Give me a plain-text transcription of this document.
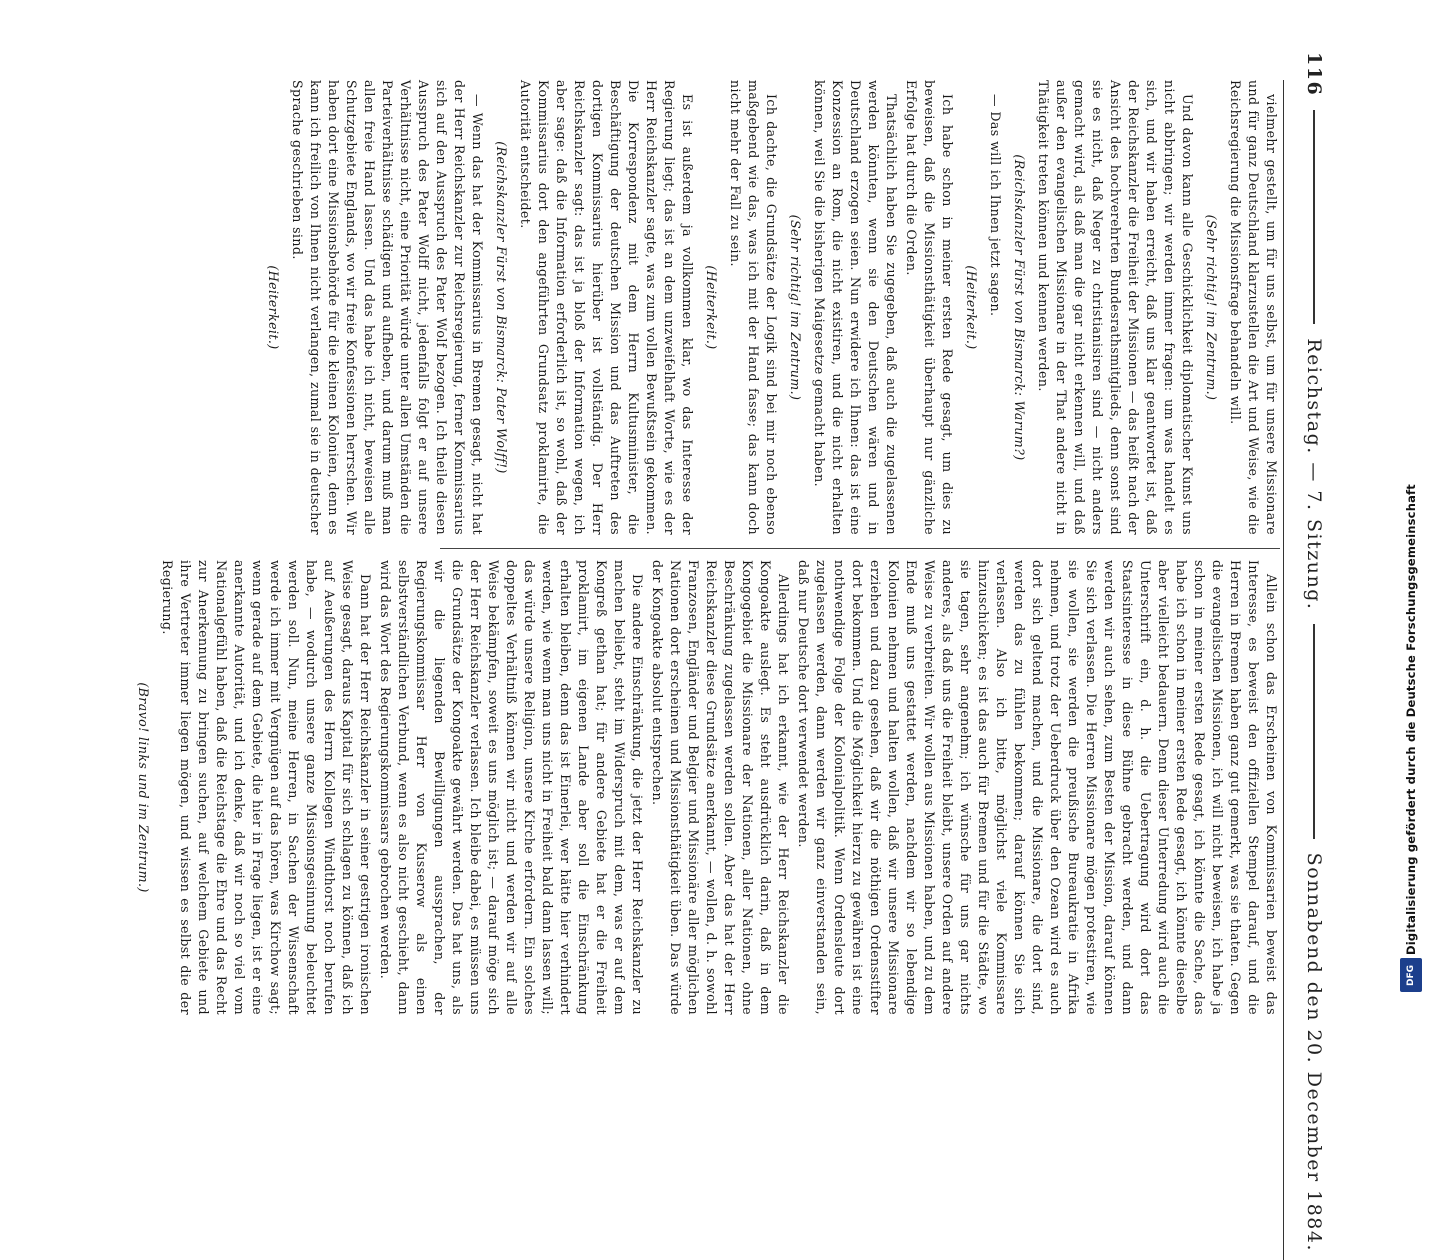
116
Reichstag. — 7. Sitzung.
Sonnabend den 20. December 1884.

vielmehr gestellt, um für uns selbst, um für unsere Missionare und für ganz Deutschland klarzustellen die Art und Weise, wie die Reichsregierung die Missionsfrage behandeln will.

(Sehr richtig! im Zentrum.)

Und davon kann alle Geschicklichkeit diplomatischer Kunst uns nicht abbringen; wir werden immer fragen: um was handelt es sich, und wir haben erreicht, daß uns klar geantwortet ist, daß der Reichskanzler die Freiheit der Missionen — das heißt nach der Ansicht des hochverehrten Bundesrathsmitglieds, denn sonst sind sie es nicht, daß Neger zu christianisiren sind — nicht anders gemacht wird, als daß man die gar nicht erkennen will, und daß außer den evangelischen Missionare in der That andere nicht in Thätigkeit treten können und kennen werden.

(Reichskanzler Fürst von Bismarck: Warum?)

— Das will ich Ihnen jetzt sagen.

(Heiterkeit.)

Ich habe schon in meiner ersten Rede gesagt, um dies zu beweisen, daß die Missionsthätigkeit überhaupt nur gänzliche Erfolge hat durch die Orden.

Thatsächlich haben Sie zugegeben, daß auch die zugelassenen werden könnten, wenn sie den Deutschen wären und in Deutschland erzogen seien. Nun erwidere ich Ihnen: das ist eine Konzession an Rom, die nicht existiren, und die nicht erhalten können, weil Sie die bisherigen Maigesetze gemacht haben.

(Sehr richtig! im Zentrum.)

Ich dachte, die Grundsätze der Logik sind bei mir noch ebenso maßgebend wie das, was ich mit der Hand fasse; das kann doch nicht mehr der Fall zu sein.

(Heiterkeit.)

Es ist außerdem ja vollkommen klar, wo das Interesse der Regierung liegt; das ist an dem unzweifelhaft Worte, wie es der Herr Reichskanzler sagte, was zum vollen Bewußtsein gekommen. Die Korrespondenz mit dem Herrn Kultusminister, die Beschäftigung der deutschen Mission und das Auftreten des dortigen Kommissarius hierüber ist vollständig. Der Herr Reichskanzler sagt: das ist ja bloß der Information wegen, ich aber sage: daß die Information erforderlich ist, so wohl, daß der Kommissarius dort den angeführten Grundsatz proklamirte, die Autorität entscheidet.

(Reichskanzler Fürst von Bismarck: Pater Wolff!)

— Wenn das hat der Kommissarius in Bremen gesagt, nicht hat der Herr Reichskanzler zur Reichsregierung, ferner Kommissarius sich auf den Ausspruch des Pater Wolf bezogen. Ich theile diesen Ausspruch des Pater Wolff nicht, jedenfalls folgt er auf unsere Verhältnisse nicht, eine Priorität würde unter allen Umständen die Parteiverhältnisse schädigen und aufheben, und darum muß man allen freie Hand lassen. Und das habe ich nicht, beweisen alle Schutzgebiete Englands, wo wir freie Konfessionen herrschen. Wir haben dort eine Missionsbehörde für die kleinen Kolonien, denn es kann ich freilich von Ihnen nicht verlangen, zumal sie in deutscher Sprache geschrieben sind.

(Heiterkeit.)

Allein schon das Erscheinen von Kommissarien beweist das Interesse, es beweist den offiziellen Stempel darauf, und die Herren in Bremen haben ganz gut gemerkt, was sie thaten. Gegen die evangelischen Missionen, ich will nicht beweisen, ich habe ja schon in meiner ersten Rede gesagt, ich könnte die Sache, das habe ich schon in meiner ersten Rede gesagt, ich könnte dieselbe aber vielleicht bedauern. Denn dieser Unterredung wird auch die Unterschrift ein, d. h. die Uebertragung wird dort das Staatsinteresse in diese Bühne gebracht werden, und dann werden wir auch sehen, zum Besten der Mission, darauf können Sie sich verlassen. Die Herren Missionare mögen protestiren, wie sie wollen, sie werden die preußische Bureaukratie in Afrika nehmen, und trotz der Ueberdruck über den Ozean wird es auch dort sich geltend machen, und die Missionare, die dort sind, werden das zu fühlen bekommen; darauf können Sie sich verlassen. Also ich bitte, möglichst viele Kommissare hinzuschicken; es ist das auch für Bremen und für die Städte, wo sie tagen, sehr angenehm; ich wünsche für uns gar nichts anderes, als daß uns die Freiheit bleibt, unsere Orden auf andere Weise zu verbreiten. Wir wollen aus Missionen haben, und zu dem Ende muß uns gestattet werden, nachdem wir so lebendige Kolonien nehmen und halten wollen, daß wir unsere Missionare erziehen und dazu gesehen, daß wir die nöthigen Ordensstifter dort bekommen. Und die Möglichkeit hierzu zu gewähren ist eine nothwendige Folge der Kolonialpolitik. Wenn Ordensleute dort zugelassen werden, dann werden wir ganz einverstanden sein, daß nur Deutsche dort verwendet werden.

Allerdings hat ich erkannt, wie der Herr Reichskanzler die Kongoakte auslegt. Es steht ausdrücklich darin, daß in dem Kongogebiet die Missionare der Nationen, aller Nationen, ohne Beschränkung zugelassen werden sollen. Aber das hat der Herr Reichskanzler diese Grundsätze anerkannt, — wollen, d. h. sowohl Franzosen, Engländer und Belgier und Missionäre aller möglichen Nationen dort erscheinen und Missionsthätigkeit üben. Das würde der Kongoakte absolut entsprechen.

Die andere Einschränkung, die jetzt der Herr Reichskanzler zu machen beliebt, steht im Widerspruch mit dem, was er auf dem Kongreß gethan hat; für andere Gebiete hat er die Freiheit proklamirt, im eigenen Lande aber soll die Einschränkung erhalten bleiben, denn das ist Einerlei, wer hätte hier verhindert werden, wie wenn man uns nicht in Freiheit bald dann lassen will; das würde unsere Religion, unsere Kirche erfordern. Ein solches doppeltes Verhältniß können wir nicht und werden wir auf alle Weise bekämpfen, soweit es uns möglich ist; — darauf möge sich der Herr Reichskanzler verlassen. Ich bleibe dabei, es müssen uns die Grundsätze der Kongoakte gewährt werden. Das hat uns, als wir die liegenden Bewilligungen aussprachen, der Regierungskommissar Herr von Kusserow als einen selbstverständlichen Verbund, wenn es also nicht geschieht, dann wird das Wort des Regierungskommissars gebrochen werden.

Dann hat der Herr Reichskanzler in seiner gestrigen ironischen Weise gesagt, daraus Kapital für sich schlagen zu können, daß ich auf Aeußerungen des Herrn Kollegen Windthorst noch berufen habe, — wodurch unsere ganze Missionsgesinnung beleuchtet werden soll. Nun, meine Herren, in Sachen der Wissenschaft werde ich immer mit Vergnügen auf das hören, was Kirchow sagt; wenn gerade auf dem Gebiete, die hier in Frage liegen, ist er eine anerkannte Autorität, und ich denke, daß wir noch so viel vom Nationalgefühl haben, daß die Reichstage die Ehre und das Recht zur Anerkennung zu bringen suchen, auf welchem Gebiete und ihre Vertreter immer liegen mögen, und wissen es selbst die der Regierung.

(Bravo! links und im Zentrum.)	Digitalisierung gefördert durch die Deutsche Forschungsgemeinschaft
DFG
